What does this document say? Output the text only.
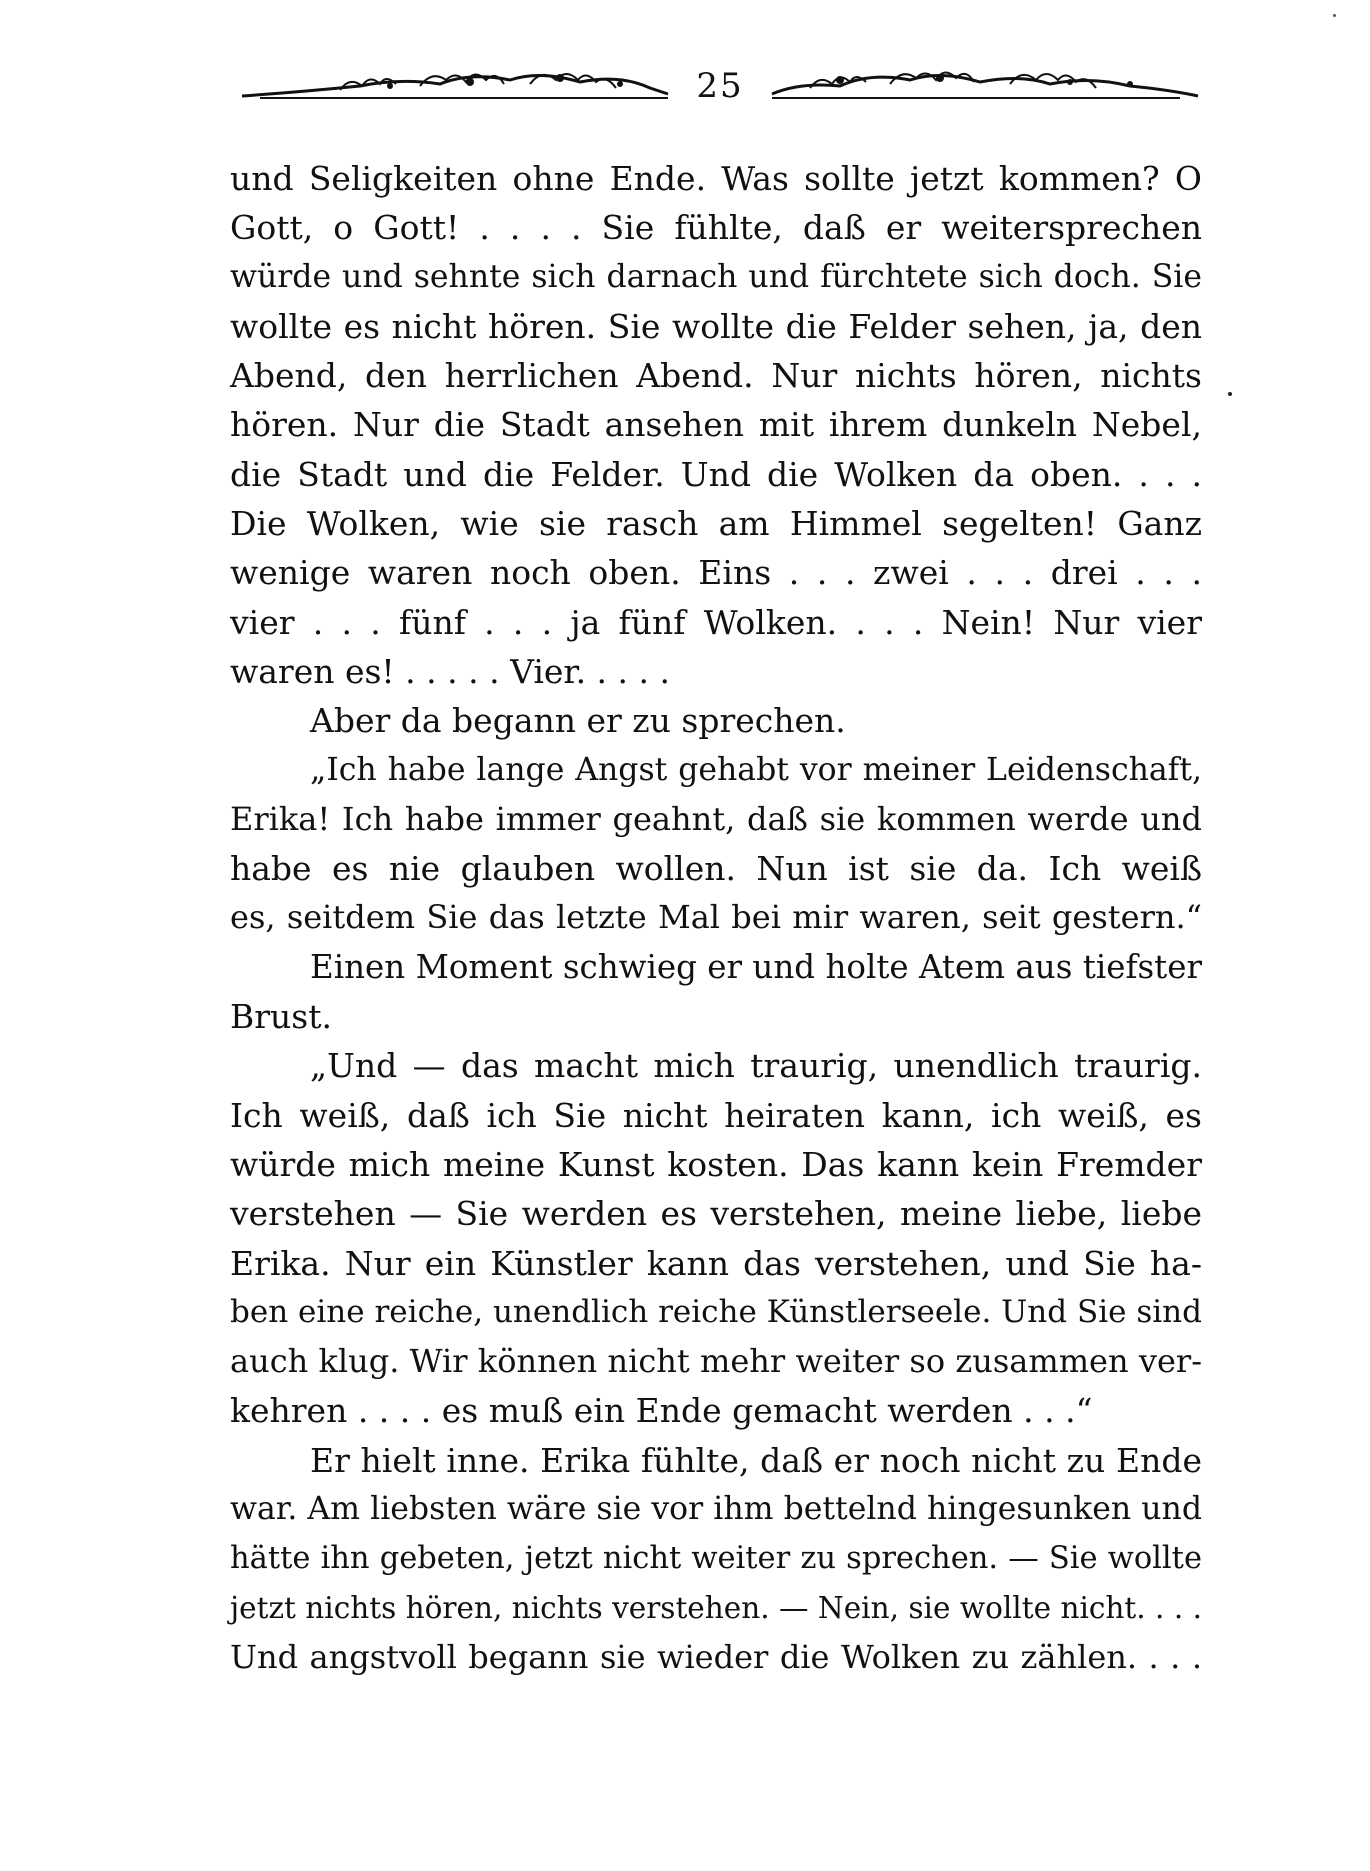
25
und Seligkeiten ohne Ende. Was sollte jetzt kommen? O
Gott, o Gott! . . . . Sie fühlte, daß er weitersprechen
würde und sehnte sich darnach und fürchtete sich doch. Sie
wollte es nicht hören. Sie wollte die Felder sehen, ja, den
Abend, den herrlichen Abend. Nur nichts hören, nichts
hören. Nur die Stadt ansehen mit ihrem dunkeln Nebel,
die Stadt und die Felder. Und die Wolken da oben. . . .
Die Wolken, wie sie rasch am Himmel segelten! Ganz
wenige waren noch oben. Eins . . . zwei . . . drei . . .
vier . . . fünf . . . ja fünf Wolken. . . . Nein! Nur vier
waren es! . . . . . Vier. . . . .
Aber da begann er zu sprechen.
„Ich habe lange Angst gehabt vor meiner Leidenschaft,
Erika! Ich habe immer geahnt, daß sie kommen werde und
habe es nie glauben wollen. Nun ist sie da. Ich weiß
es, seitdem Sie das letzte Mal bei mir waren, seit gestern.“
Einen Moment schwieg er und holte Atem aus tiefster
Brust.
„Und — das macht mich traurig, unendlich traurig.
Ich weiß, daß ich Sie nicht heiraten kann, ich weiß, es
würde mich meine Kunst kosten. Das kann kein Fremder
verstehen — Sie werden es verstehen, meine liebe, liebe
Erika. Nur ein Künstler kann das verstehen, und Sie ha-
ben eine reiche, unendlich reiche Künstlerseele. Und Sie sind
auch klug. Wir können nicht mehr weiter so zusammen ver-
kehren . . . . es muß ein Ende gemacht werden . . .“
Er hielt inne. Erika fühlte, daß er noch nicht zu Ende
war. Am liebsten wäre sie vor ihm bettelnd hingesunken und
hätte ihn gebeten, jetzt nicht weiter zu sprechen. — Sie wollte
jetzt nichts hören, nichts verstehen. — Nein, sie wollte nicht. . . .
Und angstvoll begann sie wieder die Wolken zu zählen. . . .
